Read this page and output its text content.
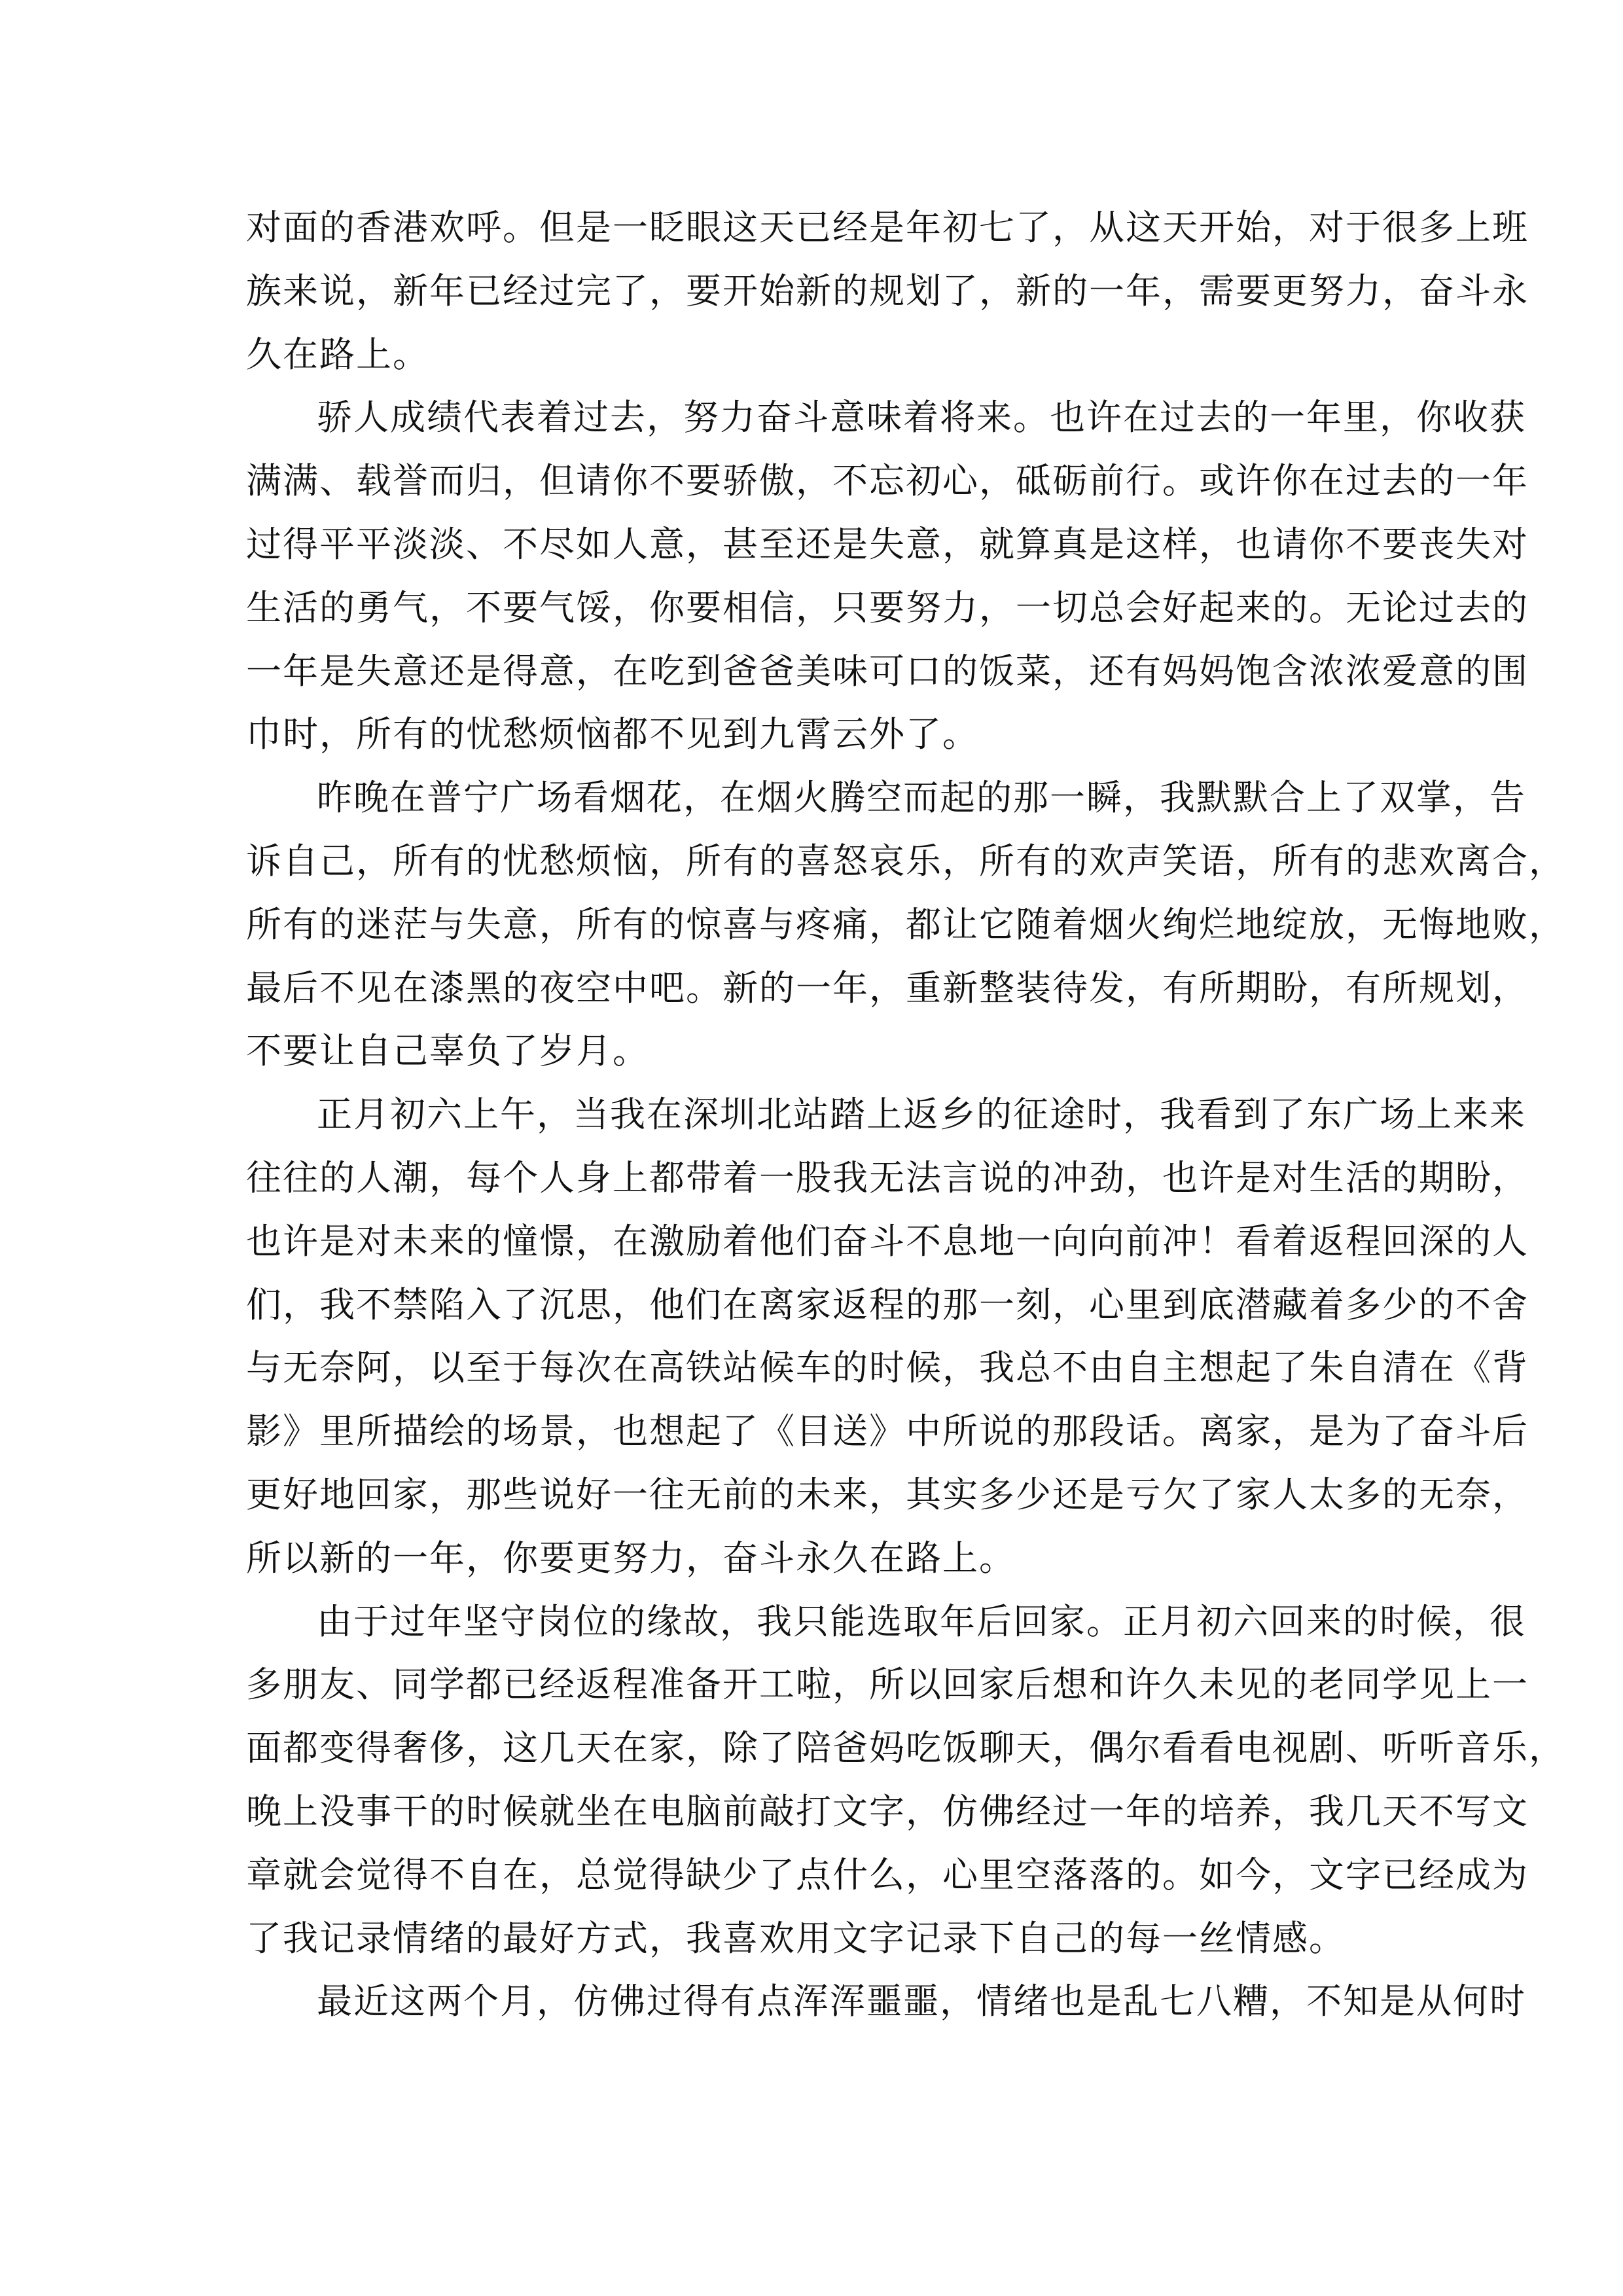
对面的香港欢呼。但是一眨眼这天已经是年初七了，从这天开始，对于很多上班
族来说，新年已经过完了，要开始新的规划了，新的一年，需要更努力，奋斗永
久在路上。
骄人成绩代表着过去，努力奋斗意味着将来。也许在过去的一年里，你收获
满满、载誉而归，但请你不要骄傲，不忘初心，砥砺前行。或许你在过去的一年
过得平平淡淡、不尽如人意，甚至还是失意，就算真是这样，也请你不要丧失对
生活的勇气，不要气馁，你要相信，只要努力，一切总会好起来的。无论过去的
一年是失意还是得意，在吃到爸爸美味可口的饭菜，还有妈妈饱含浓浓爱意的围
巾时，所有的忧愁烦恼都不见到九霄云外了。
昨晚在普宁广场看烟花，在烟火腾空而起的那一瞬，我默默合上了双掌，告
诉自己，所有的忧愁烦恼，所有的喜怒哀乐，所有的欢声笑语，所有的悲欢离合，
所有的迷茫与失意，所有的惊喜与疼痛，都让它随着烟火绚烂地绽放，无悔地败，
最后不见在漆黑的夜空中吧。新的一年，重新整装待发，有所期盼，有所规划，
不要让自己辜负了岁月。
正月初六上午，当我在深圳北站踏上返乡的征途时，我看到了东广场上来来
往往的人潮，每个人身上都带着一股我无法言说的冲劲，也许是对生活的期盼，
也许是对未来的憧憬，在激励着他们奋斗不息地一向向前冲！看着返程回深的人
们，我不禁陷入了沉思，他们在离家返程的那一刻，心里到底潜藏着多少的不舍
与无奈阿，以至于每次在高铁站候车的时候，我总不由自主想起了朱自清在《背
影》里所描绘的场景，也想起了《目送》中所说的那段话。离家，是为了奋斗后
更好地回家，那些说好一往无前的未来，其实多少还是亏欠了家人太多的无奈，
所以新的一年，你要更努力，奋斗永久在路上。
由于过年坚守岗位的缘故，我只能选取年后回家。正月初六回来的时候，很
多朋友、同学都已经返程准备开工啦，所以回家后想和许久未见的老同学见上一
面都变得奢侈，这几天在家，除了陪爸妈吃饭聊天，偶尔看看电视剧、听听音乐，
晚上没事干的时候就坐在电脑前敲打文字，仿佛经过一年的培养，我几天不写文
章就会觉得不自在，总觉得缺少了点什么，心里空落落的。如今，文字已经成为
了我记录情绪的最好方式，我喜欢用文字记录下自己的每一丝情感。
最近这两个月，仿佛过得有点浑浑噩噩，情绪也是乱七八糟，不知是从何时
